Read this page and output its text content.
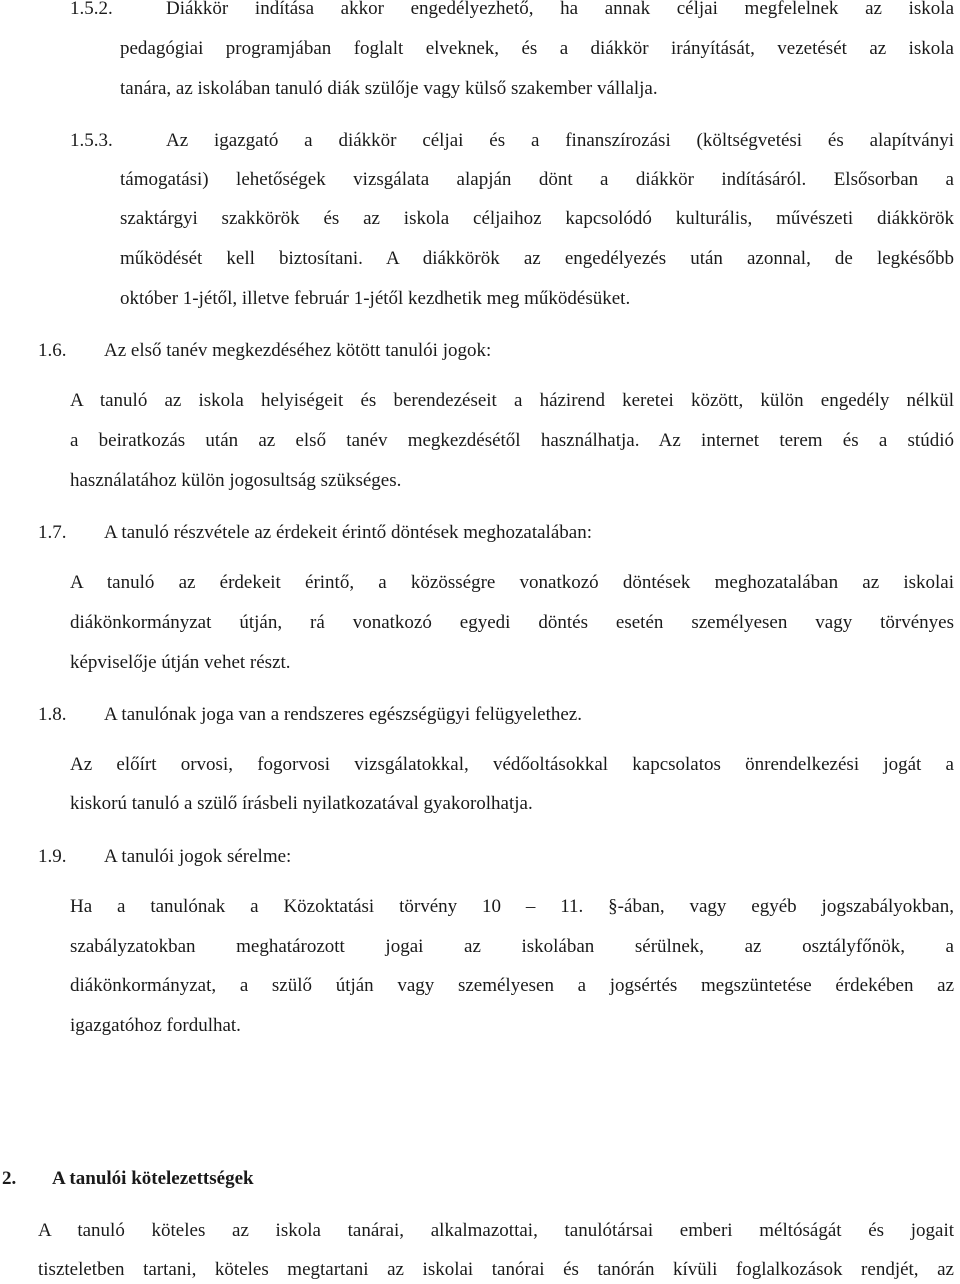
1.5.2.	Diákkör indítása akkor engedélyezhető, ha annak céljai megfelelnek az iskola
pedagógiai programjában foglalt elveknek, és a diákkör irányítását, vezetését az iskola
tanára, az iskolában tanuló diák szülője vagy külső szakember vállalja.
1.5.3.	Az igazgató a diákkör céljai és a finanszírozási (költségvetési és alapítványi
támogatási) lehetőségek vizsgálata alapján dönt a diákkör indításáról. Elsősorban a
szaktárgyi szakkörök és az iskola céljaihoz kapcsolódó kulturális, művészeti diákkörök
működését kell biztosítani. A diákkörök az engedélyezés után azonnal, de legkésőbb
október 1-jétől, illetve február 1-jétől kezdhetik meg működésüket.
1.6. Az első tanév megkezdéséhez kötött tanulói jogok:
A tanuló az iskola helyiségeit és berendezéseit a házirend keretei között, külön engedély nélkül
a beiratkozás után az első tanév megkezdésétől használhatja. Az internet terem és a stúdió
használatához külön jogosultság szükséges.
1.7. A tanuló részvétele az érdekeit érintő döntések meghozatalában:
A tanuló az érdekeit érintő, a közösségre vonatkozó döntések meghozatalában az iskolai
diákönkormányzat útján, rá vonatkozó egyedi döntés esetén személyesen vagy törvényes
képviselője útján vehet részt.
1.8. A tanulónak joga van a rendszeres egészségügyi felügyelethez.
Az előírt orvosi, fogorvosi vizsgálatokkal, védőoltásokkal kapcsolatos önrendelkezési jogát a
kiskorú tanuló a szülő írásbeli nyilatkozatával gyakorolhatja.
1.9. A tanulói jogok sérelme:
Ha a tanulónak a Közoktatási törvény 10 – 11. §-ában, vagy egyéb jogszabályokban,
szabályzatokban meghatározott jogai az iskolában sérülnek, az osztályfőnök, a
diákönkormányzat, a szülő útján vagy személyesen a jogsértés megszüntetése érdekében az
igazgatóhoz fordulhat.
2. A tanulói kötelezettségek
A tanuló köteles az iskola tanárai, alkalmazottai, tanulótársai emberi méltóságát és jogait
tiszteletben tartani, köteles megtartani az iskolai tanórai és tanórán kívüli foglalkozások rendjét, az
